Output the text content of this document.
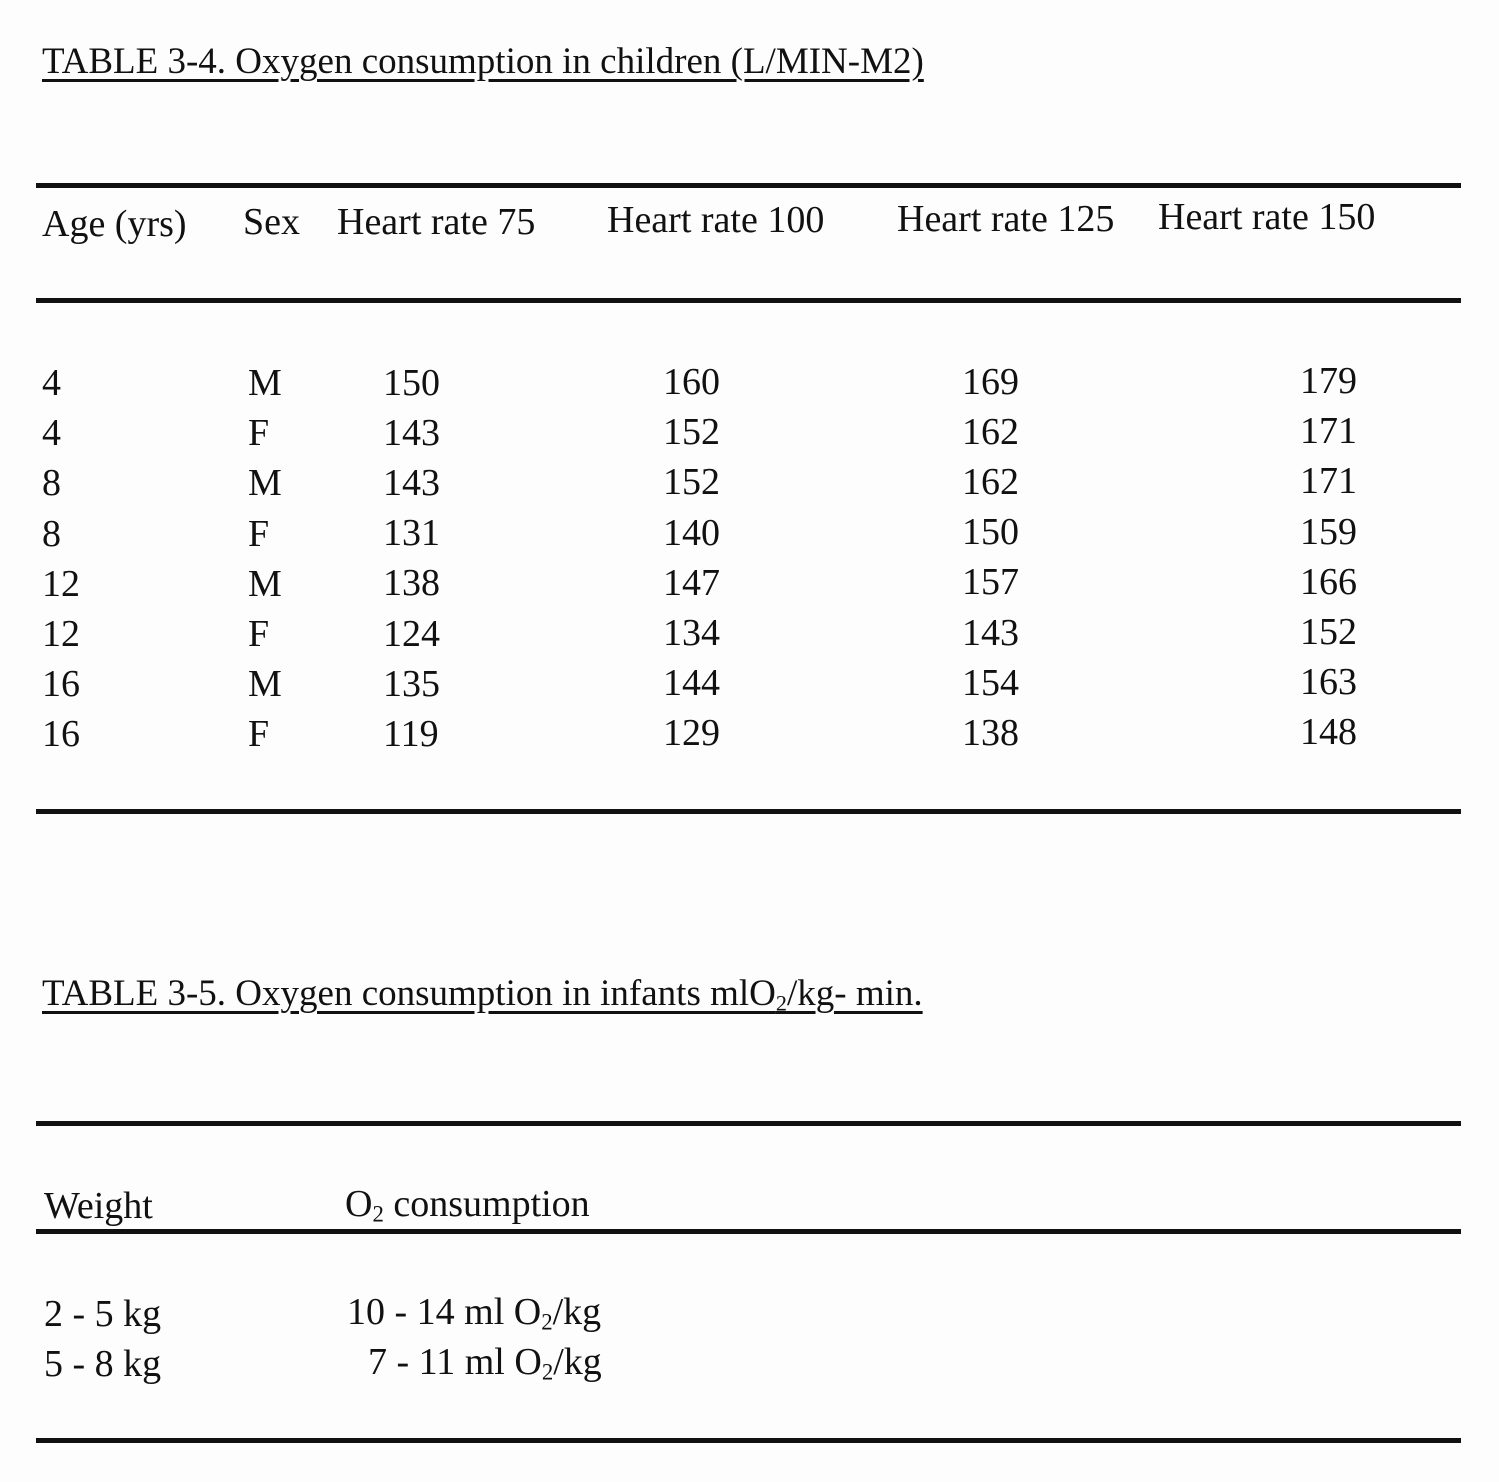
TABLE 3-4. Oxygen consumption in children (L/MIN-M2)
Age (yrs) Sex Heart rate 75 Heart rate 100 Heart rate 125 Heart rate 150
4	M	150	160	169	179
4	F	143	152	162	171
8	M	143	152	162	171
8	F	131	140	150	159
12	M	138	147	157	166
12	F	124	134	143	152
16	M	135	144	154	163
16	F	119	129	138	148
TABLE 3-5. Oxygen consumption in infants mlO$_2$/kg- min.
Weight	$O_2$ consumption
2 - 5 kg	10 - 14 ml $O_2/kg$
5 - 8 kg	7 - 11 ml $O_2/kg$
